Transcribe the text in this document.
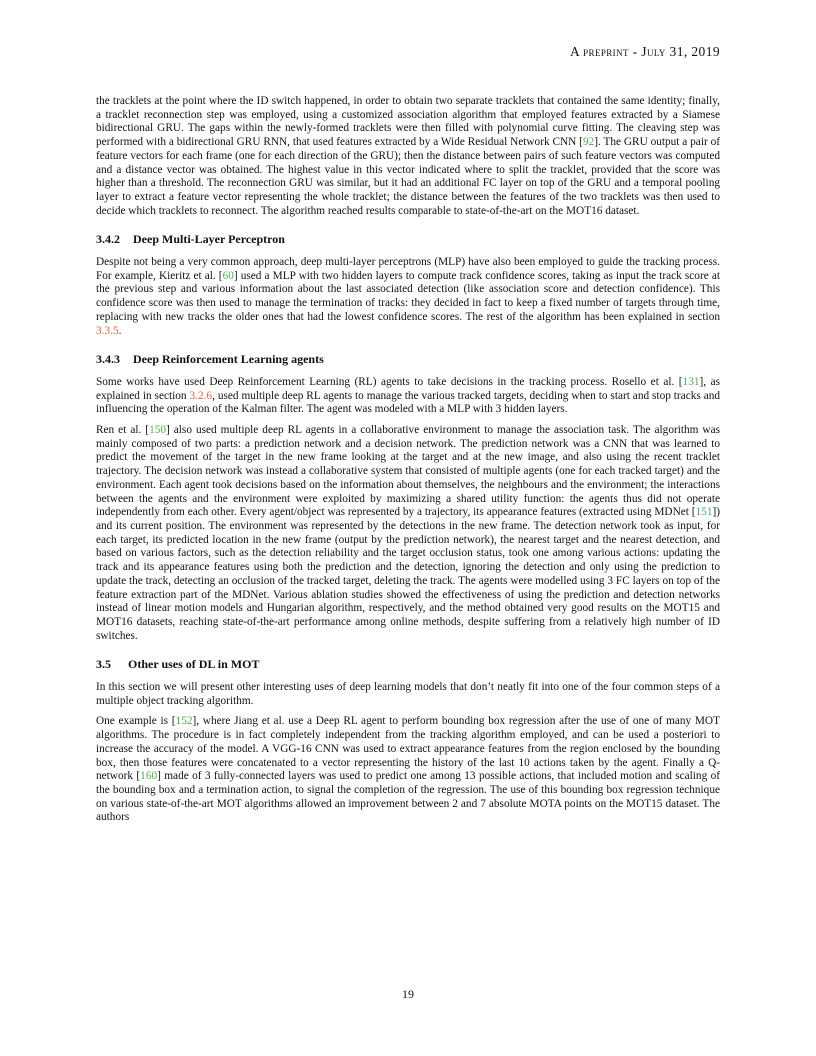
A preprint - July 31, 2019

the tracklets at the point where the ID switch happened, in order to obtain two separate tracklets that contained the same identity; finally, a tracklet reconnection step was employed, using a customized association algorithm that employed features extracted by a Siamese bidirectional GRU. The gaps within the newly-formed tracklets were then filled with polynomial curve fitting. The cleaving step was performed with a bidirectional GRU RNN, that used features extracted by a Wide Residual Network CNN [92]. The GRU output a pair of feature vectors for each frame (one for each direction of the GRU); then the distance between pairs of such feature vectors was computed and a distance vector was obtained. The highest value in this vector indicated where to split the tracklet, provided that the score was higher than a threshold. The reconnection GRU was similar, but it had an additional FC layer on top of the GRU and a temporal pooling layer to extract a feature vector representing the whole tracklet; the distance between the features of the two tracklets was then used to decide which tracklets to reconnect. The algorithm reached results comparable to state-of-the-art on the MOT16 dataset.

3.4.2 Deep Multi-Layer Perceptron

Despite not being a very common approach, deep multi-layer perceptrons (MLP) have also been employed to guide the tracking process. For example, Kieritz et al. [60] used a MLP with two hidden layers to compute track confidence scores, taking as input the track score at the previous step and various information about the last associated detection (like association score and detection confidence). This confidence score was then used to manage the termination of tracks: they decided in fact to keep a fixed number of targets through time, replacing with new tracks the older ones that had the lowest confidence scores. The rest of the algorithm has been explained in section 3.3.5.

3.4.3 Deep Reinforcement Learning agents

Some works have used Deep Reinforcement Learning (RL) agents to take decisions in the tracking process. Rosello et al. [131], as explained in section 3.2.6, used multiple deep RL agents to manage the various tracked targets, deciding when to start and stop tracks and influencing the operation of the Kalman filter. The agent was modeled with a MLP with 3 hidden layers.

Ren et al. [150] also used multiple deep RL agents in a collaborative environment to manage the association task. The algorithm was mainly composed of two parts: a prediction network and a decision network. The prediction network was a CNN that was learned to predict the movement of the target in the new frame looking at the target and at the new image, and also using the recent tracklet trajectory. The decision network was instead a collaborative system that consisted of multiple agents (one for each tracked target) and the environment. Each agent took decisions based on the information about themselves, the neighbours and the environment; the interactions between the agents and the environment were exploited by maximizing a shared utility function: the agents thus did not operate independently from each other. Every agent/object was represented by a trajectory, its appearance features (extracted using MDNet [151]) and its current position. The environment was represented by the detections in the new frame. The detection network took as input, for each target, its predicted location in the new frame (output by the prediction network), the nearest target and the nearest detection, and based on various factors, such as the detection reliability and the target occlusion status, took one among various actions: updating the track and its appearance features using both the prediction and the detection, ignoring the detection and only using the prediction to update the track, detecting an occlusion of the tracked target, deleting the track. The agents were modelled using 3 FC layers on top of the feature extraction part of the MDNet. Various ablation studies showed the effectiveness of using the prediction and detection networks instead of linear motion models and Hungarian algorithm, respectively, and the method obtained very good results on the MOT15 and MOT16 datasets, reaching state-of-the-art performance among online methods, despite suffering from a relatively high number of ID switches.

3.5 Other uses of DL in MOT

In this section we will present other interesting uses of deep learning models that don’t neatly fit into one of the four common steps of a multiple object tracking algorithm.

One example is [152], where Jiang et al. use a Deep RL agent to perform bounding box regression after the use of one of many MOT algorithms. The procedure is in fact completely independent from the tracking algorithm employed, and can be used a posteriori to increase the accuracy of the model. A VGG-16 CNN was used to extract appearance features from the region enclosed by the bounding box, then those features were concatenated to a vector representing the history of the last 10 actions taken by the agent. Finally a Q-network [160] made of 3 fully-connected layers was used to predict one among 13 possible actions, that included motion and scaling of the bounding box and a termination action, to signal the completion of the regression. The use of this bounding box regression technique on various state-of-the-art MOT algorithms allowed an improvement between 2 and 7 absolute MOTA points on the MOT15 dataset. The authors

19
